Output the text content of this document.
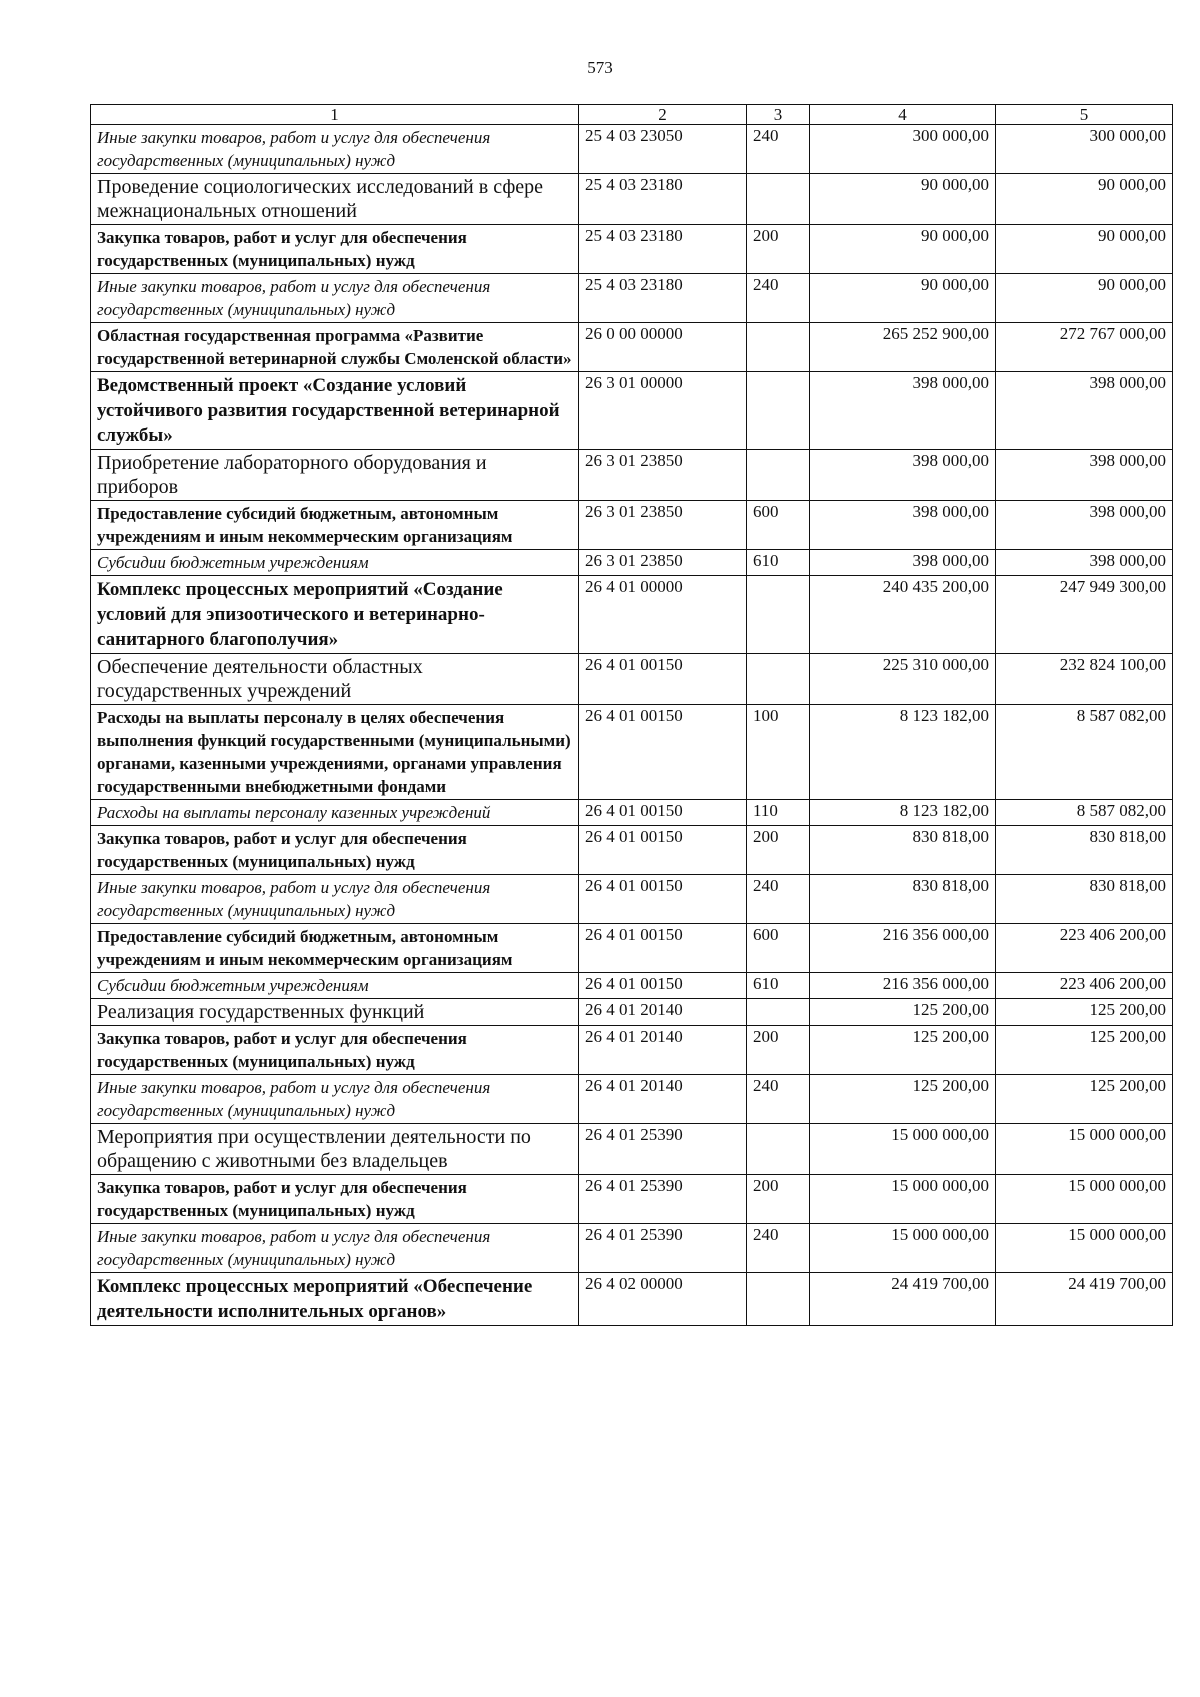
573
1	2	3	4	5
Иные закупки товаров, работ и услуг для обеспечения государственных (муниципальных) нужд	25 4 03 23050	240	300 000,00	300 000,00
Проведение социологических исследований в сфере межнациональных отношений	25 4 03 23180		90 000,00	90 000,00
Закупка товаров, работ и услуг для обеспечения государственных (муниципальных) нужд	25 4 03 23180	200	90 000,00	90 000,00
Иные закупки товаров, работ и услуг для обеспечения государственных (муниципальных) нужд	25 4 03 23180	240	90 000,00	90 000,00
Областная государственная программа «Развитие государственной ветеринарной службы Смоленской области»	26 0 00 00000		265 252 900,00	272 767 000,00
Ведомственный проект «Создание условий устойчивого развития государственной ветеринарной службы»	26 3 01 00000		398 000,00	398 000,00
Приобретение лабораторного оборудования и приборов	26 3 01 23850		398 000,00	398 000,00
Предоставление субсидий бюджетным, автономным учреждениям и иным некоммерческим организациям	26 3 01 23850	600	398 000,00	398 000,00
Субсидии бюджетным учреждениям	26 3 01 23850	610	398 000,00	398 000,00
Комплекс процессных мероприятий «Создание условий для эпизоотического и ветеринарно-санитарного благополучия»	26 4 01 00000		240 435 200,00	247 949 300,00
Обеспечение деятельности областных государственных учреждений	26 4 01 00150		225 310 000,00	232 824 100,00
Расходы на выплаты персоналу в целях обеспечения выполнения функций государственными (муниципальными) органами, казенными учреждениями, органами управления государственными внебюджетными фондами	26 4 01 00150	100	8 123 182,00	8 587 082,00
Расходы на выплаты персоналу казенных учреждений	26 4 01 00150	110	8 123 182,00	8 587 082,00
Закупка товаров, работ и услуг для обеспечения государственных (муниципальных) нужд	26 4 01 00150	200	830 818,00	830 818,00
Иные закупки товаров, работ и услуг для обеспечения государственных (муниципальных) нужд	26 4 01 00150	240	830 818,00	830 818,00
Предоставление субсидий бюджетным, автономным учреждениям и иным некоммерческим организациям	26 4 01 00150	600	216 356 000,00	223 406 200,00
Субсидии бюджетным учреждениям	26 4 01 00150	610	216 356 000,00	223 406 200,00
Реализация государственных функций	26 4 01 20140		125 200,00	125 200,00
Закупка товаров, работ и услуг для обеспечения государственных (муниципальных) нужд	26 4 01 20140	200	125 200,00	125 200,00
Иные закупки товаров, работ и услуг для обеспечения государственных (муниципальных) нужд	26 4 01 20140	240	125 200,00	125 200,00
Мероприятия при осуществлении деятельности по обращению с животными без владельцев	26 4 01 25390		15 000 000,00	15 000 000,00
Закупка товаров, работ и услуг для обеспечения государственных (муниципальных) нужд	26 4 01 25390	200	15 000 000,00	15 000 000,00
Иные закупки товаров, работ и услуг для обеспечения государственных (муниципальных) нужд	26 4 01 25390	240	15 000 000,00	15 000 000,00
Комплекс процессных мероприятий «Обеспечение деятельности исполнительных органов»	26 4 02 00000		24 419 700,00	24 419 700,00
